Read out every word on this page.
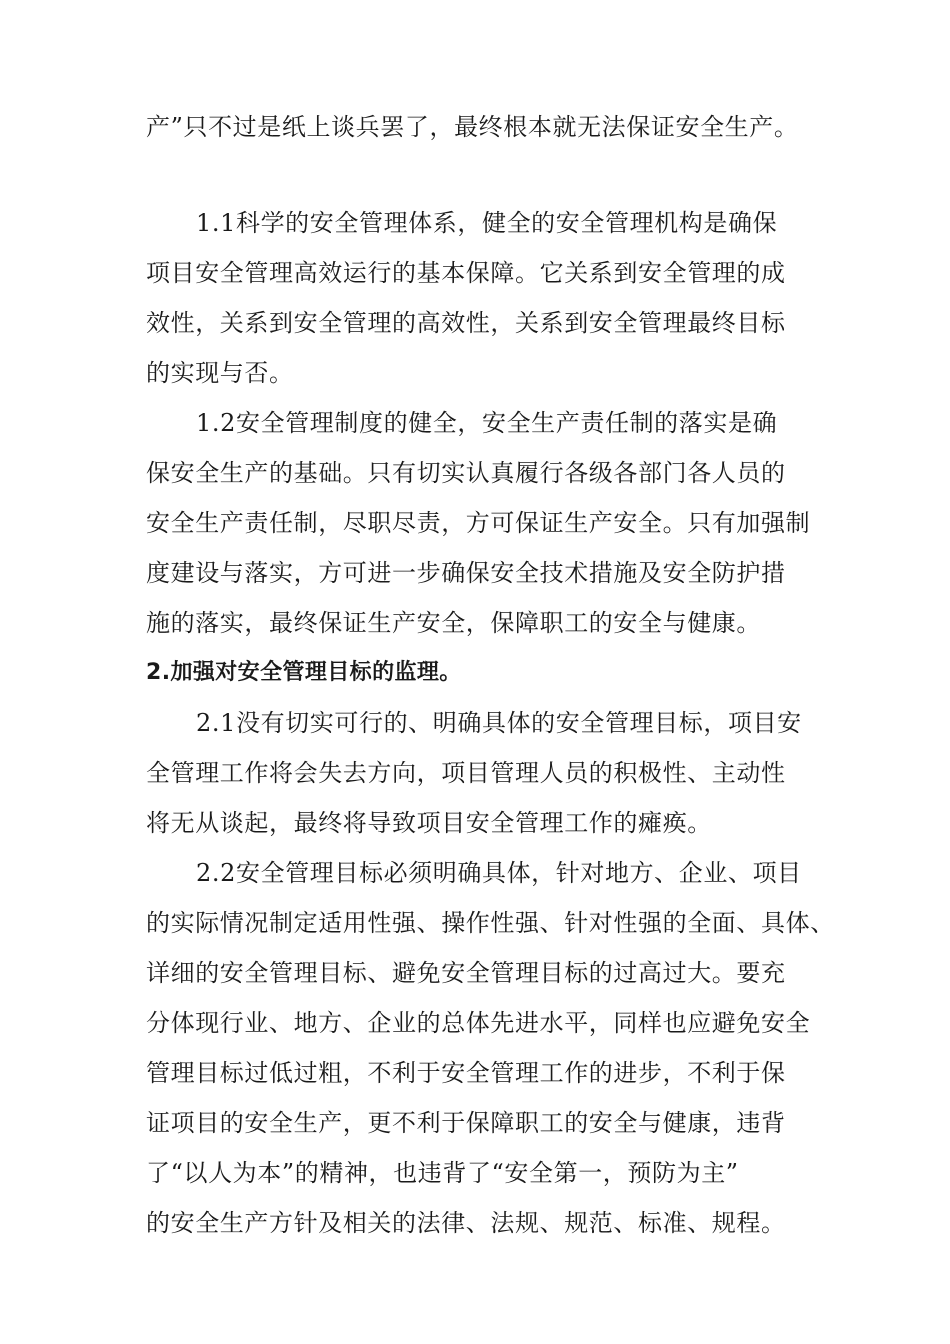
产”只不过是纸上谈兵罢了，最终根本就无法保证安全生产。
1.1科学的安全管理体系，健全的安全管理机构是确保
项目安全管理高效运行的基本保障。它关系到安全管理的成
效性，关系到安全管理的高效性，关系到安全管理最终目标
的实现与否。
1.2安全管理制度的健全，安全生产责任制的落实是确
保安全生产的基础。只有切实认真履行各级各部门各人员的
安全生产责任制，尽职尽责，方可保证生产安全。只有加强制
度建设与落实，方可进一步确保安全技术措施及安全防护措
施的落实，最终保证生产安全，保障职工的安全与健康。
2.加强对安全管理目标的监理。
2.1没有切实可行的、明确具体的安全管理目标，项目安
全管理工作将会失去方向，项目管理人员的积极性、主动性
将无从谈起，最终将导致项目安全管理工作的瘫痪。
2.2安全管理目标必须明确具体，针对地方、企业、项目
的实际情况制定适用性强、操作性强、针对性强的全面、具体、
详细的安全管理目标、避免安全管理目标的过高过大。要充
分体现行业、地方、企业的总体先进水平，同样也应避免安全
管理目标过低过粗，不利于安全管理工作的进步，不利于保
证项目的安全生产，更不利于保障职工的安全与健康，违背
了“以人为本”的精神，也违背了“安全第一，预防为主”
的安全生产方针及相关的法律、法规、规范、标准、规程。
